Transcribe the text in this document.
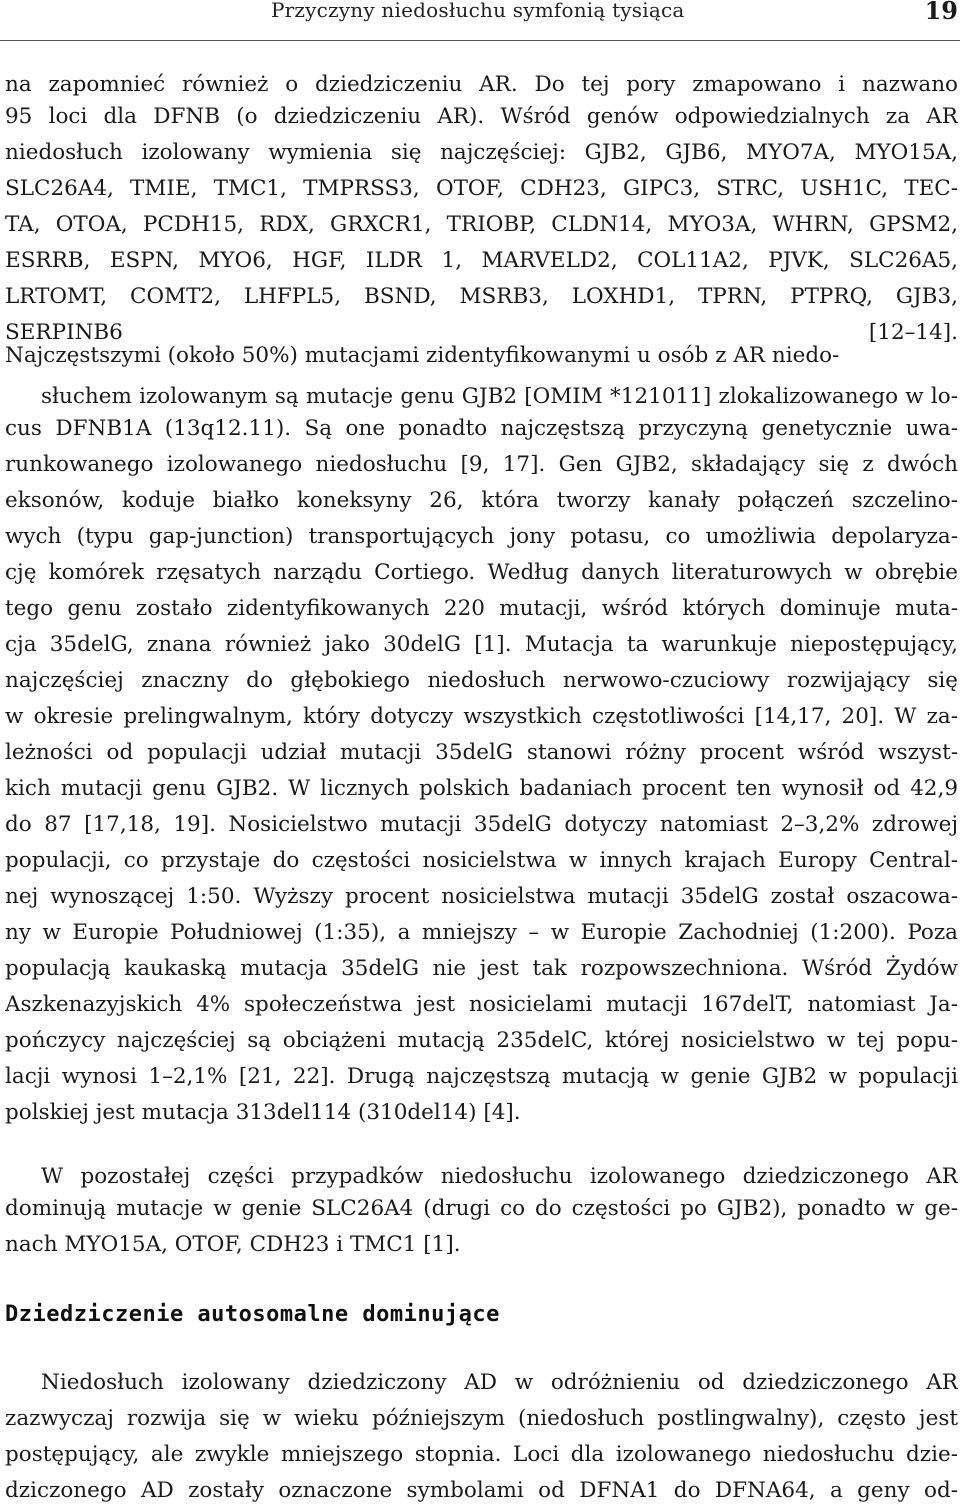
Przyczyny niedosłuchu symfonią tysiąca	19
na zapomnieć również o dziedziczeniu AR. Do tej pory zmapowano i nazwano
95 loci dla DFNB (o dziedziczeniu AR). Wśród genów odpowiedzialnych za AR
niedosłuch izolowany wymienia się najczęściej: GJB2, GJB6, MYO7A, MYO15A,
SLC26A4, TMIE, TMC1, TMPRSS3, OTOF, CDH23, GIPC3, STRC, USH1C, TEC-
TA, OTOA, PCDH15, RDX, GRXCR1, TRIOBP, CLDN14, MYO3A, WHRN, GPSM2,
ESRRB, ESPN, MYO6, HGF, ILDR 1, MARVELD2, COL11A2, PJVK, SLC26A5,
LRTOMT, COMT2, LHFPL5, BSND, MSRB3, LOXHD1, TPRN, PTPRQ, GJB3,
SERPINB6 [12–14].
Najczęstszymi (około 50%) mutacjami zidentyfikowanymi u osób z AR niedo-
słuchem izolowanym są mutacje genu GJB2 [OMIM *121011] zlokalizowanego w lo-
cus DFNB1A (13q12.11). Są one ponadto najczęstszą przyczyną genetycznie uwa-
runkowanego izolowanego niedosłuchu [9, 17]. Gen GJB2, składający się z dwóch
eksonów, koduje białko koneksyny 26, która tworzy kanały połączeń szczelino-
wych (typu gap-junction) transportujących jony potasu, co umożliwia depolaryza-
cję komórek rzęsatych narządu Cortiego. Według danych literaturowych w obrębie
tego genu zostało zidentyfikowanych 220 mutacji, wśród których dominuje muta-
cja 35delG, znana również jako 30delG [1]. Mutacja ta warunkuje niepostępujący,
najczęściej znaczny do głębokiego niedosłuch nerwowo-czuciowy rozwijający się
w okresie prelingwalnym, który dotyczy wszystkich częstotliwości [14,17, 20]. W za-
leżności od populacji udział mutacji 35delG stanowi różny procent wśród wszyst-
kich mutacji genu GJB2. W licznych polskich badaniach procent ten wynosił od 42,9
do 87 [17,18, 19]. Nosicielstwo mutacji 35delG dotyczy natomiast 2–3,2% zdrowej
populacji, co przystaje do częstości nosicielstwa w innych krajach Europy Central-
nej wynoszącej 1:50. Wyższy procent nosicielstwa mutacji 35delG został oszacowa-
ny w Europie Południowej (1:35), a mniejszy – w Europie Zachodniej (1:200). Poza
populacją kaukaską mutacja 35delG nie jest tak rozpowszechniona. Wśród Żydów
Aszkenazyjskich 4% społeczeństwa jest nosicielami mutacji 167delT, natomiast Ja-
pończycy najczęściej są obciążeni mutacją 235delC, której nosicielstwo w tej popu-
lacji wynosi 1–2,1% [21, 22]. Drugą najczęstszą mutacją w genie GJB2 w populacji
polskiej jest mutacja 313del114 (310del14) [4].
W pozostałej części przypadków niedosłuchu izolowanego dziedziczonego AR
dominują mutacje w genie SLC26A4 (drugi co do częstości po GJB2), ponadto w ge-
nach MYO15A, OTOF, CDH23 i TMC1 [1].
Dziedziczenie autosomalne dominujące
Niedosłuch izolowany dziedziczony AD w odróżnieniu od dziedziczonego AR
zazwyczaj rozwija się w wieku późniejszym (niedosłuch postlingwalny), często jest
postępujący, ale zwykle mniejszego stopnia. Loci dla izolowanego niedosłuchu dzie-
dziczonego AD zostały oznaczone symbolami od DFNA1 do DFNA64, a geny od-
